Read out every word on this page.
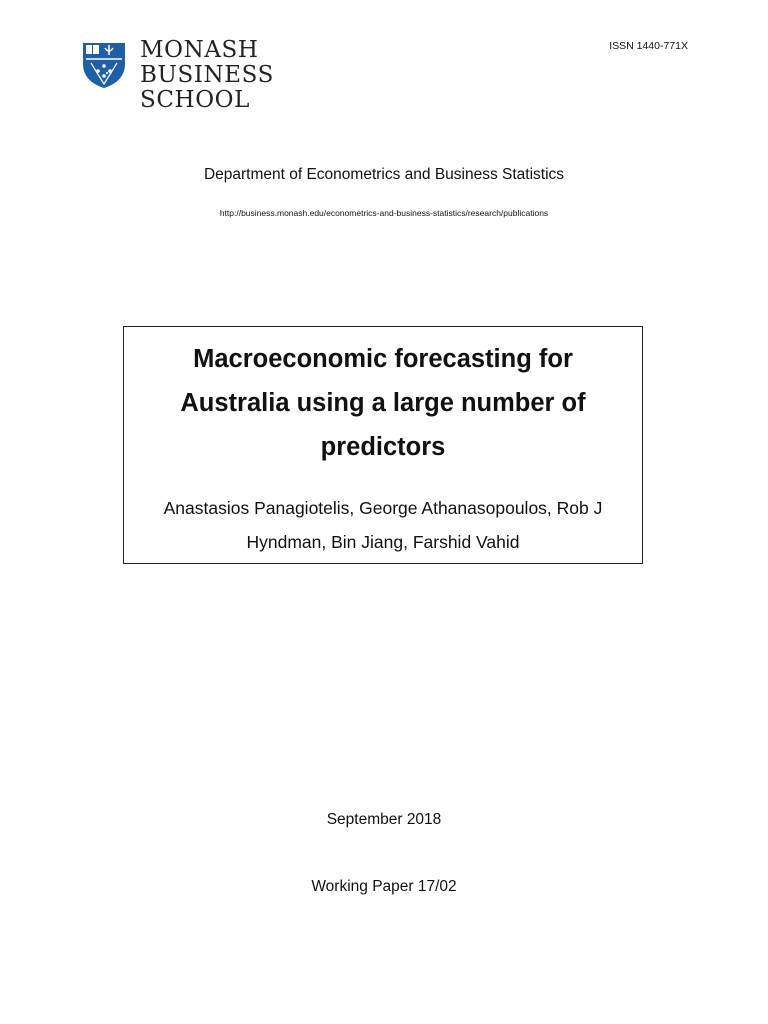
MONASH
BUSINESS
SCHOOL
ISSN 1440-771X
Department of Econometrics and Business Statistics
http://business.monash.edu/econometrics-and-business-statistics/research/publications
Macroeconomic forecasting for Australia using a large number of predictors
Anastasios Panagiotelis, George Athanasopoulos, Rob J Hyndman, Bin Jiang, Farshid Vahid
September 2018
Working Paper 17/02
